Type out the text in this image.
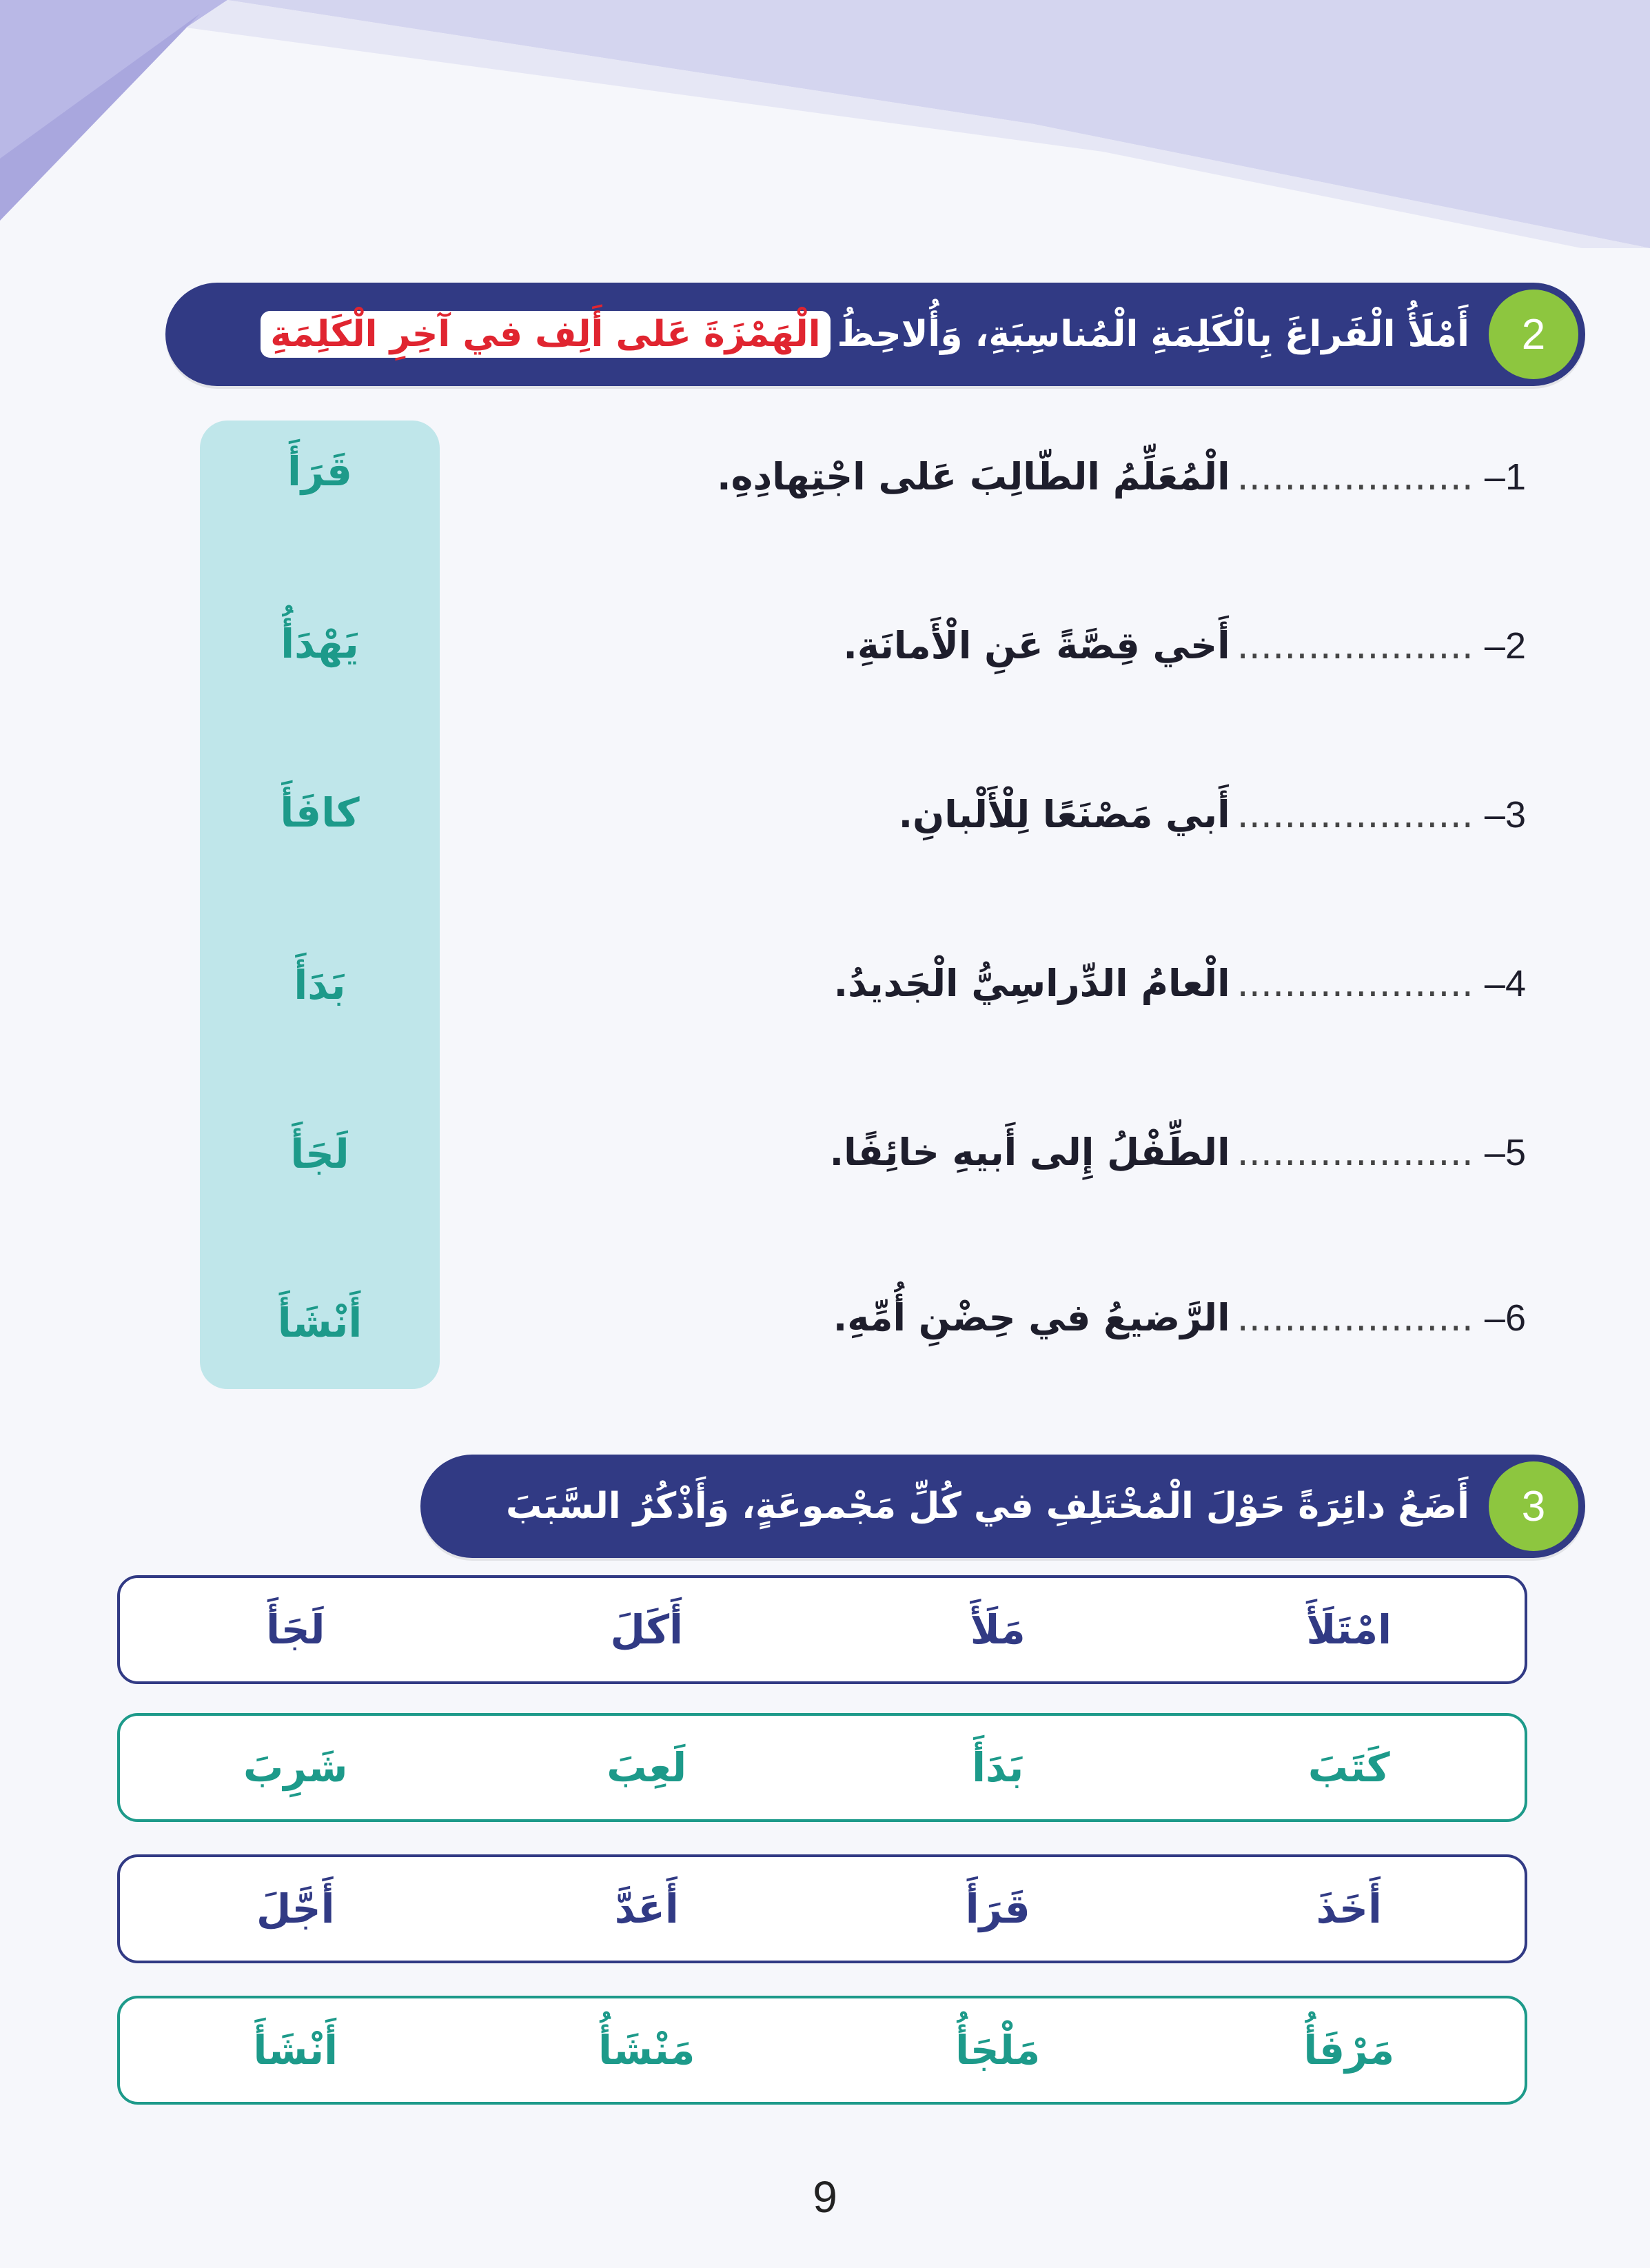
2
أَمْلَأُ الْفَراغَ بِالْكَلِمَةِ الْمُناسِبَةِ، وَأُلاحِظُ
الْهَمْزَةَ عَلى أَلِف في آخِرِ الْكَلِمَةِ
قَرَأَ
يَهْدَأُ
كافَأَ
بَدَأَ
لَجَأَ
أَنْشَأَ
1–....................الْمُعَلِّمُ الطّالِبَ عَلى اجْتِهادِهِ.
2–....................أَخي قِصَّةً عَنِ الْأَمانَةِ.
3–....................أَبي مَصْنَعًا لِلْأَلْبانِ.
4–....................الْعامُ الدِّراسِيُّ الْجَديدُ.
5–....................الطِّفْلُ إِلى أَبيهِ خائِفًا.
6–....................الرَّضيعُ في حِضْنِ أُمِّهِ.
3
أَضَعُ دائِرَةً حَوْلَ الْمُخْتَلِفِ في كُلِّ مَجْموعَةٍ، وَأَذْكُرُ السَّبَبَ
امْتَلَأَ
مَلَأَ
أَكَلَ
لَجَأَ
كَتَبَ
بَدَأَ
لَعِبَ
شَرِبَ
أَخَذَ
قَرَأَ
أَعَدَّ
أَجَّلَ
مَرْفَأُ
مَلْجَأُ
مَنْشَأُ
أَنْشَأَ
9
